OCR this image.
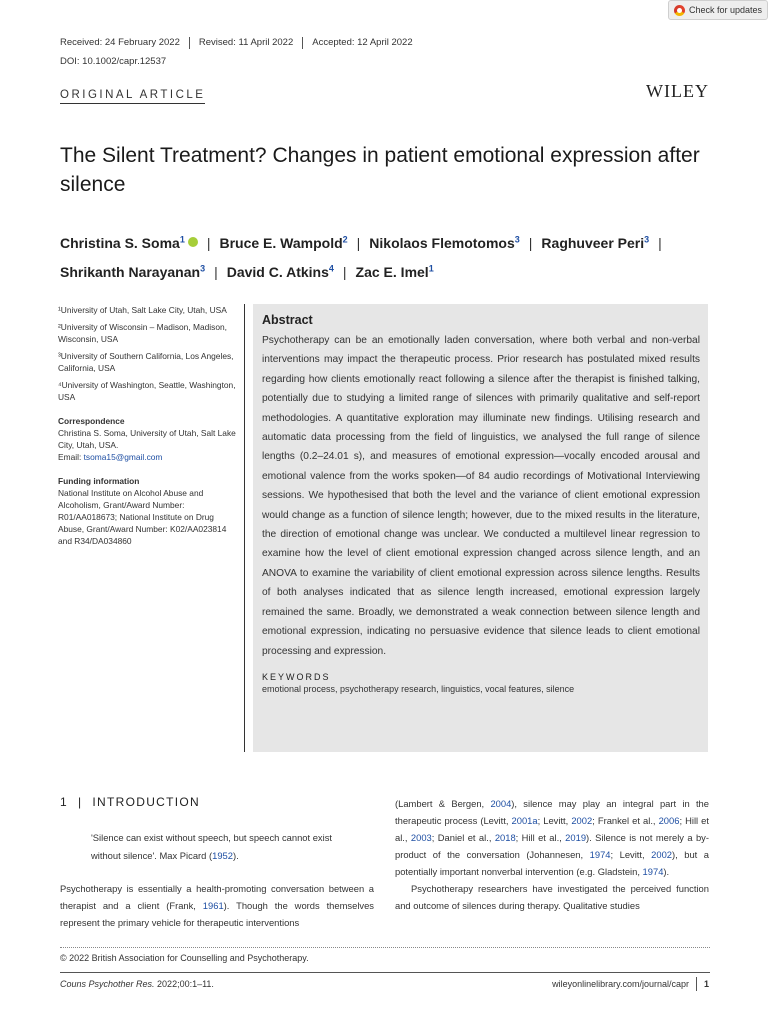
Check for updates
Received: 24 February 2022	Revised: 11 April 2022	Accepted: 12 April 2022
DOI: 10.1002/capr.12537
ORIGINAL ARTICLE	WILEY
The Silent Treatment? Changes in patient emotional expression after silence
Christina S. Soma$^1$ | Bruce E. Wampold$^2$ | Nikolaos Flemotomos$^3$ | Raghuveer Peri$^3$ |
Shrikanth Narayanan$^3$ | David C. Atkins$^4$ | Zac E. Imel$^1$
¹University of Utah, Salt Lake City, Utah, USA
²University of Wisconsin – Madison, Madison, Wisconsin, USA
³University of Southern California, Los Angeles, California, USA
⁴University of Washington, Seattle, Washington, USA
Correspondence
Christina S. Soma, University of Utah, Salt Lake City, Utah, USA.
Email: tsoma15@gmail.com
Funding information
National Institute on Alcohol Abuse and Alcoholism, Grant/Award Number: R01/AA018673; National Institute on Drug Abuse, Grant/Award Number: K02/AA023814 and R34/DA034860
Abstract
Psychotherapy can be an emotionally laden conversation, where both verbal and non-verbal interventions may impact the therapeutic process. Prior research has postulated mixed results regarding how clients emotionally react following a silence after the therapist is finished talking, potentially due to studying a limited range of silences with primarily qualitative and self-report methodologies. A quantitative exploration may illuminate new findings. Utilising research and automatic data processing from the field of linguistics, we analysed the full range of silence lengths (0.2–24.01 s), and measures of emotional expression—vocally encoded arousal and emotional valence from the works spoken—of 84 audio recordings of Motivational Interviewing sessions. We hypothesised that both the level and the variance of client emotional expression would change as a function of silence length; however, due to the mixed results in the literature, the direction of emotional change was unclear. We conducted a multilevel linear regression to examine how the level of client emotional expression changed across silence length, and an ANOVA to examine the variability of client emotional expression across silence lengths. Results of both analyses indicated that as silence length increased, emotional expression largely remained the same. Broadly, we demonstrated a weak connection between silence length and emotional expression, indicating no persuasive evidence that silence leads to client emotional processing and expression.
KEYWORDS
emotional process, psychotherapy research, linguistics, vocal features, silence
1 | INTRODUCTION
'Silence can exist without speech, but speech cannot exist without silence'. Max Picard (1952).

Psychotherapy is essentially a health-promoting conversation between a therapist and a client (Frank, 1961). Though the words themselves represent the primary vehicle for therapeutic interventions

(Lambert & Bergen, 2004), silence may play an integral part in the therapeutic process (Levitt, 2001a; Levitt, 2002; Frankel et al., 2006; Hill et al., 2003; Daniel et al., 2018; Hill et al., 2019). Silence is not merely a by-product of the conversation (Johannesen, 1974; Levitt, 2002), but a potentially important nonverbal intervention (e.g. Gladstein, 1974).

Psychotherapy researchers have investigated the perceived function and outcome of silences during therapy. Qualitative studies

© 2022 British Association for Counselling and Psychotherapy.
Couns Psychother Res. 2022;00:1–11.	wileyonlinelibrary.com/journal/capr	1
